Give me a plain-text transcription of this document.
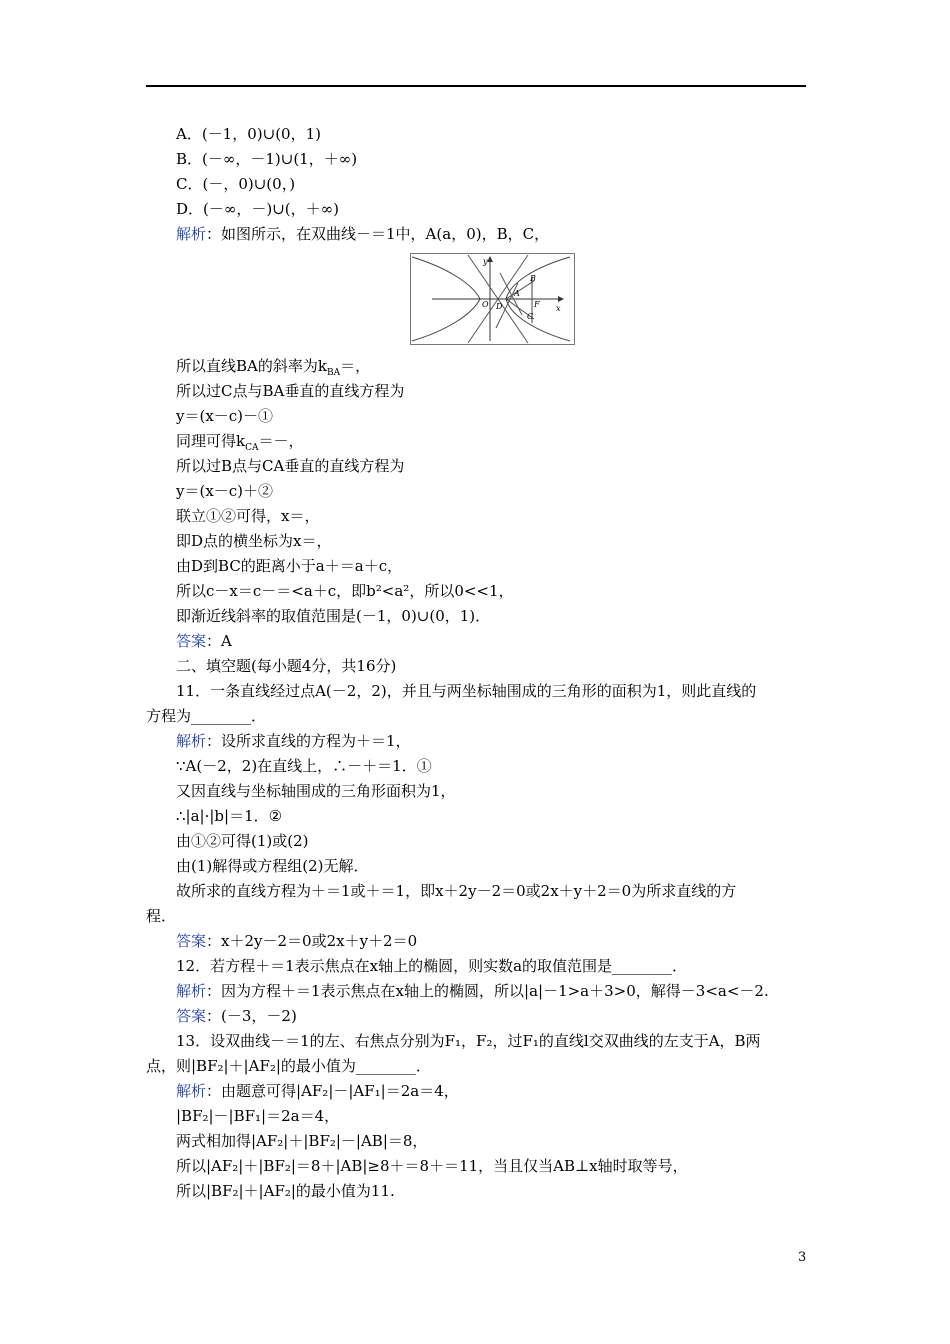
A．(－1，0)∪(0，1)
B．(－∞，－1)∪(1，＋∞)
C．(－，0)∪(0，)
D．(－∞，－)∪(，＋∞)
解析：如图所示，在双曲线－＝1中，A(a，0)，B，C，
y
x
O D
A
B
F
C
所以直线BA的斜率为$k_{BA}=$，
所以过C点与BA垂直的直线方程为
y＝(x－c)－①
同理可得$k_{CA}=-$，
所以过B点与CA垂直的直线方程为
y＝(x－c)＋②
联立①②可得，x＝，
即D点的横坐标为x＝，
由D到BC的距离小于a＋＝a＋c，
所以c－x＝c－＝<a＋c，即b²<a²，所以0<<1，
即渐近线斜率的取值范围是(－1，0)∪(0，1)．
答案：A
二、填空题(每小题4分，共16分)
11．一条直线经过点A(－2，2)，并且与两坐标轴围成的三角形的面积为1，则此直线的
方程为________．
解析：设所求直线的方程为＋＝1，
∵A(－2，2)在直线上，∴－＋＝1．①
又因直线与坐标轴围成的三角形面积为1，
∴|a|·|b|＝1．②
由①②可得(1)或(2)
由(1)解得或方程组(2)无解．
故所求的直线方程为＋＝1或＋＝1，即x＋2y－2＝0或2x＋y＋2＝0为所求直线的方
程．
答案：x＋2y－2＝0或2x＋y＋2＝0
12．若方程＋＝1表示焦点在x轴上的椭圆，则实数a的取值范围是________．
解析：因为方程＋＝1表示焦点在x轴上的椭圆，所以|a|－1>a＋3>0，解得－3<a<－2.
答案：(－3，－2)
13．设双曲线－＝1的左、右焦点分别为F₁，F₂，过F₁的直线l交双曲线的左支于A，B两
点，则|BF₂|＋|AF₂|的最小值为________．
解析：由题意可得|AF₂|－|AF₁|＝2a＝4，
|BF₂|－|BF₁|＝2a＝4，
两式相加得|AF₂|＋|BF₂|－|AB|＝8，
所以|AF₂|＋|BF₂|＝8＋|AB|≥8＋＝8＋＝11，当且仅当AB⊥x轴时取等号，
所以|BF₂|＋|AF₂|的最小值为11.
3
